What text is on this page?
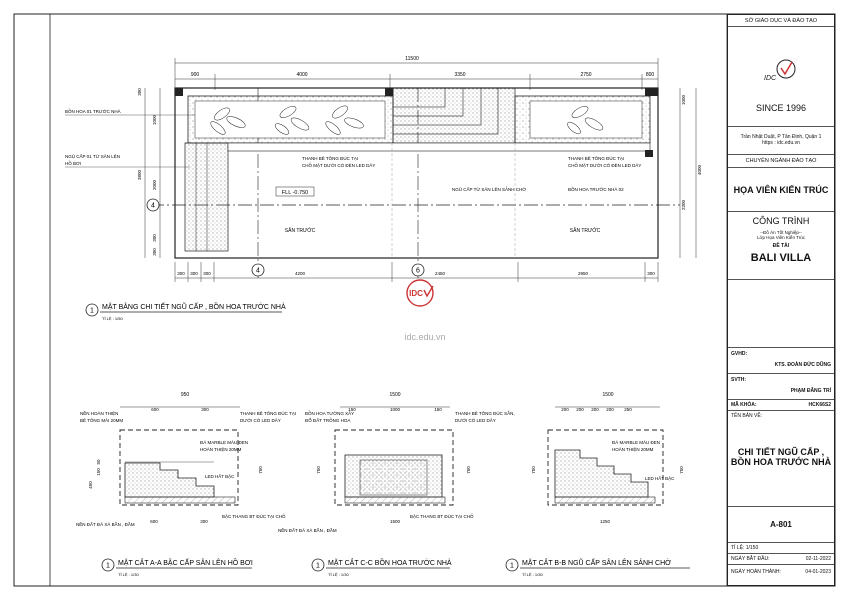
11500
900	4000	3350	2750	800
4
4	6
FLL -0.750
SÂN TRƯỚC	SÂN TRƯỚC
BỒN HOA 01 TRƯỚC NHÀ
NGŨ CẤP 01 TỪ SÂN LÊN
HỒ BƠI
THANH BÊ TÔNG ĐÚC TẠI
CHỖ MẶT DƯỚI CÓ ĐÈN LED DÂY
THANH BÊ TÔNG ĐÚC TẠI
CHỖ MẶT DƯỚI CÓ ĐÈN LED DÂY
NGŨ CẤP TỪ SÂN LÊN SẢNH CHỜ	BỒN HOA TRƯỚC NHÀ 02
300
1000
3800
2000
300
300
1000
4000
2300
300 300 300	4200	2450	2950	300
1 MẶT BẰNG CHI TIẾT NGŨ CẤP , BỒN HOA TRƯỚC NHÀ
TỈ LỆ : 1/50
IDC
idc.edu.vn
950
600	300
NỀN HOÀN THIỆN
BÊ TÔNG MÀI 20MM
ĐÁ MARBLE MÀU ĐEN
HOÀN THIỆN 20MM
LED HẮT BẬC
BẬC THANG BT ĐÚC TẠI CHỖ
NỀN ĐẤT ĐÃ XÀ BẦN , ĐẦM
600	300
50
150
450
750
1 MẶT CẮT A-A BẬC CẤP SÂN LÊN HỒ BƠI
TỈ LỆ : 1/30
1500
150	1000	150
BỒN HOA TƯỜNG XÂY
ĐỔ ĐẤT TRỒNG HOA
THANH BÊ TÔNG ĐÚC TẠI
DƯỚI CÓ LED DÂY
THANH BÊ TÔNG ĐÚC SẴN,
DƯỚI CÓ LED DÂY
BẬC THANG BT ĐÚC TẠI CHỖ
NỀN ĐẤT ĐÃ XÀ BẦN , ĐẦM
1500
750	750
1 MẶT CẮT C-C BỒN HOA TRƯỚC NHÀ
TỈ LỆ : 1/30
1500
200 200 200 200 250
ĐÁ MARBLE MÀU ĐEN
HOÀN THIỆN 20MM
LED HẮT BẬC
1250
750	750
1 MẶT CẮT B-B NGŨ CẤP SÂN LÊN SẢNH CHỜ
TỈ LỆ : 1/30
SỞ GIÁO DỤC VÀ ĐÀO TẠO
IDC
SINCE 1996
Trần Nhật Duật, P Tân Định, Quận 1
https : idc.edu.vn
CHUYÊN NGÀNH ĐÀO TẠO
HỌA VIÊN KIẾN TRÚC
CÔNG TRÌNH
--Đồ Án Tốt Nghiệp--
Lớp Họa Viên Kiến Trúc
ĐỀ TÀI
BALI VILLA
GVHD:
KTS. ĐOÀN ĐỨC DŨNG
SVTH:
PHẠM ĐĂNG TRÍ
MÃ KHÓA:	HCK66S2
TÊN BẢN VẼ:
CHI TIẾT NGŨ CẤP , BỒN HOA TRƯỚC NHÀ
A-801
TỈ LỆ: 1/150
NGÀY BẮT ĐẦU:	02-11-2022
NGÀY HOÀN THÀNH:	04-01-2023
